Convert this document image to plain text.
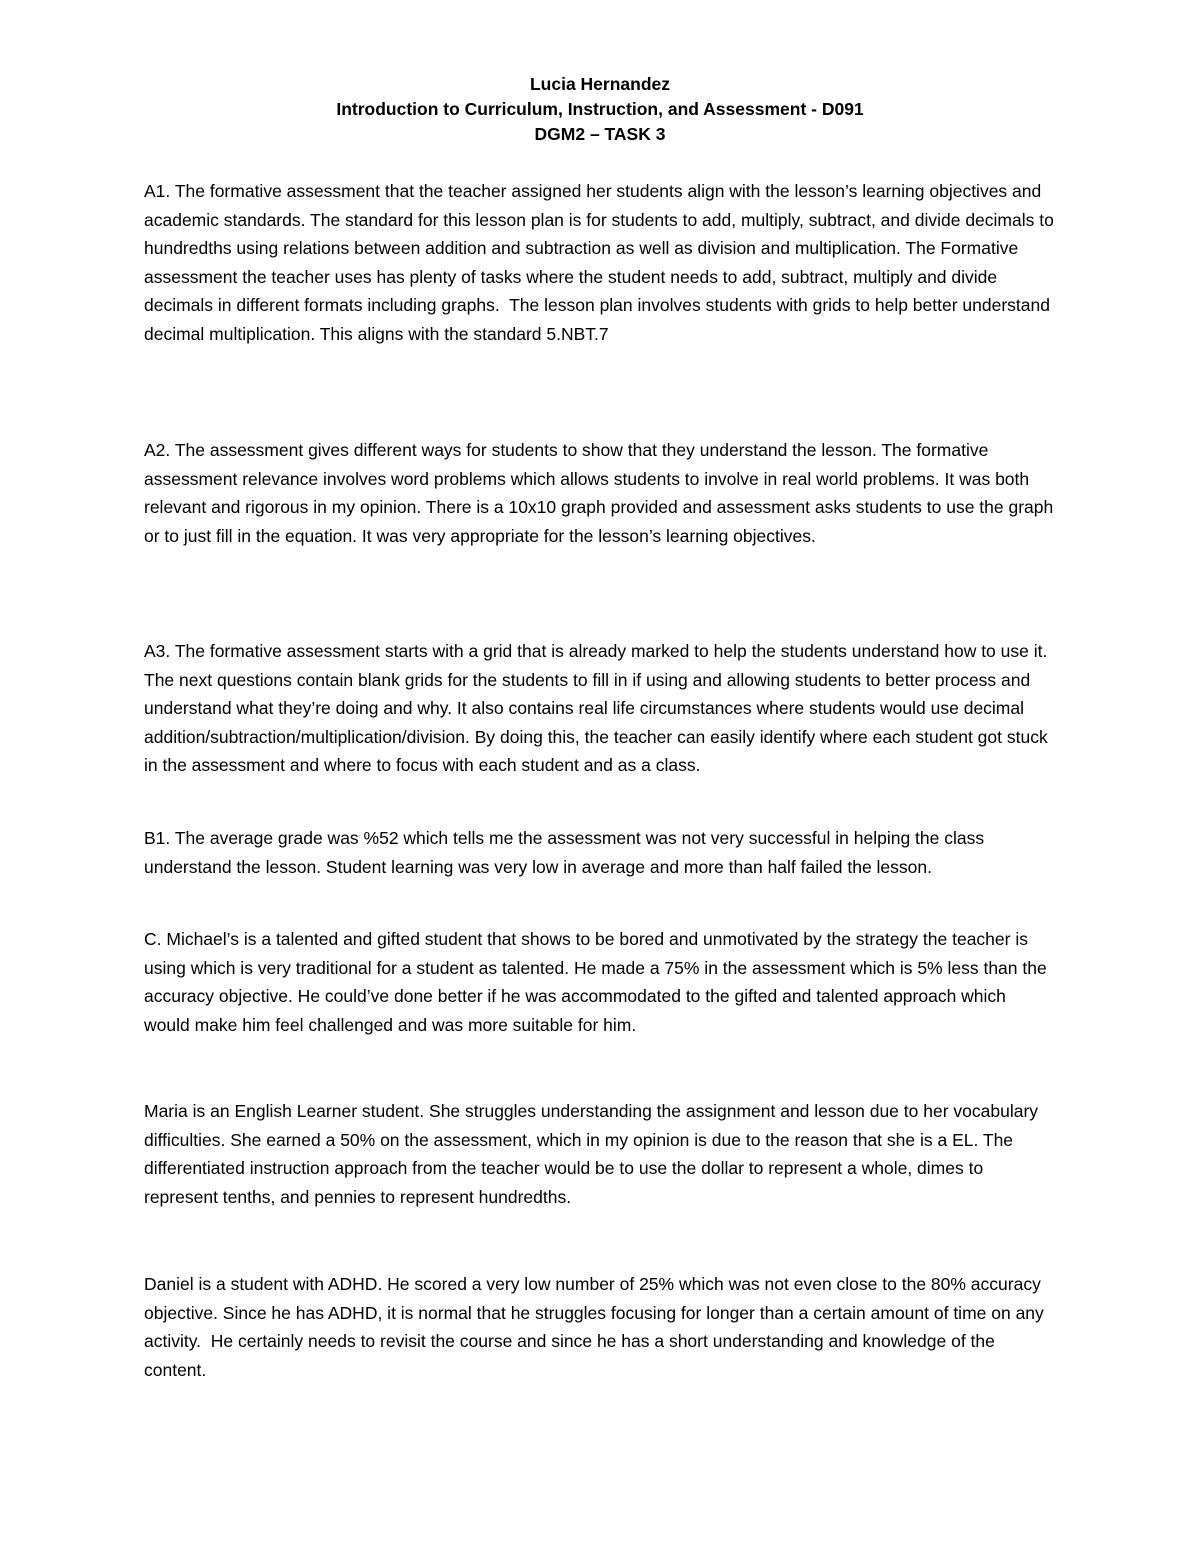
Lucia Hernandez
Introduction to Curriculum, Instruction, and Assessment - D091
DGM2 – TASK 3

A1. The formative assessment that the teacher assigned her students align with the lesson’s learning objectives and academic standards. The standard for this lesson plan is for students to add, multiply, subtract, and divide decimals to hundredths using relations between addition and subtraction as well as division and multiplication. The Formative assessment the teacher uses has plenty of tasks where the student needs to add, subtract, multiply and divide decimals in different formats including graphs.  The lesson plan involves students with grids to help better understand decimal multiplication. This aligns with the standard 5.NBT.7

A2. The assessment gives different ways for students to show that they understand the lesson. The formative assessment relevance involves word problems which allows students to involve in real world problems. It was both relevant and rigorous in my opinion. There is a 10x10 graph provided and assessment asks students to use the graph or to just fill in the equation. It was very appropriate for the lesson’s learning objectives.

A3. The formative assessment starts with a grid that is already marked to help the students understand how to use it. The next questions contain blank grids for the students to fill in if using and allowing students to better process and understand what they’re doing and why. It also contains real life circumstances where students would use decimal addition/subtraction/multiplication/division. By doing this, the teacher can easily identify where each student got stuck in the assessment and where to focus with each student and as a class.

B1. The average grade was %52 which tells me the assessment was not very successful in helping the class understand the lesson. Student learning was very low in average and more than half failed the lesson.

C. Michael’s is a talented and gifted student that shows to be bored and unmotivated by the strategy the teacher is using which is very traditional for a student as talented. He made a 75% in the assessment which is 5% less than the accuracy objective. He could’ve done better if he was accommodated to the gifted and talented approach which would make him feel challenged and was more suitable for him.

Maria is an English Learner student. She struggles understanding the assignment and lesson due to her vocabulary difficulties. She earned a 50% on the assessment, which in my opinion is due to the reason that she is a EL. The differentiated instruction approach from the teacher would be to use the dollar to represent a whole, dimes to represent tenths, and pennies to represent hundredths.

Daniel is a student with ADHD. He scored a very low number of 25% which was not even close to the 80% accuracy objective. Since he has ADHD, it is normal that he struggles focusing for longer than a certain amount of time on any activity.  He certainly needs to revisit the course and since he has a short understanding and knowledge of the content.
